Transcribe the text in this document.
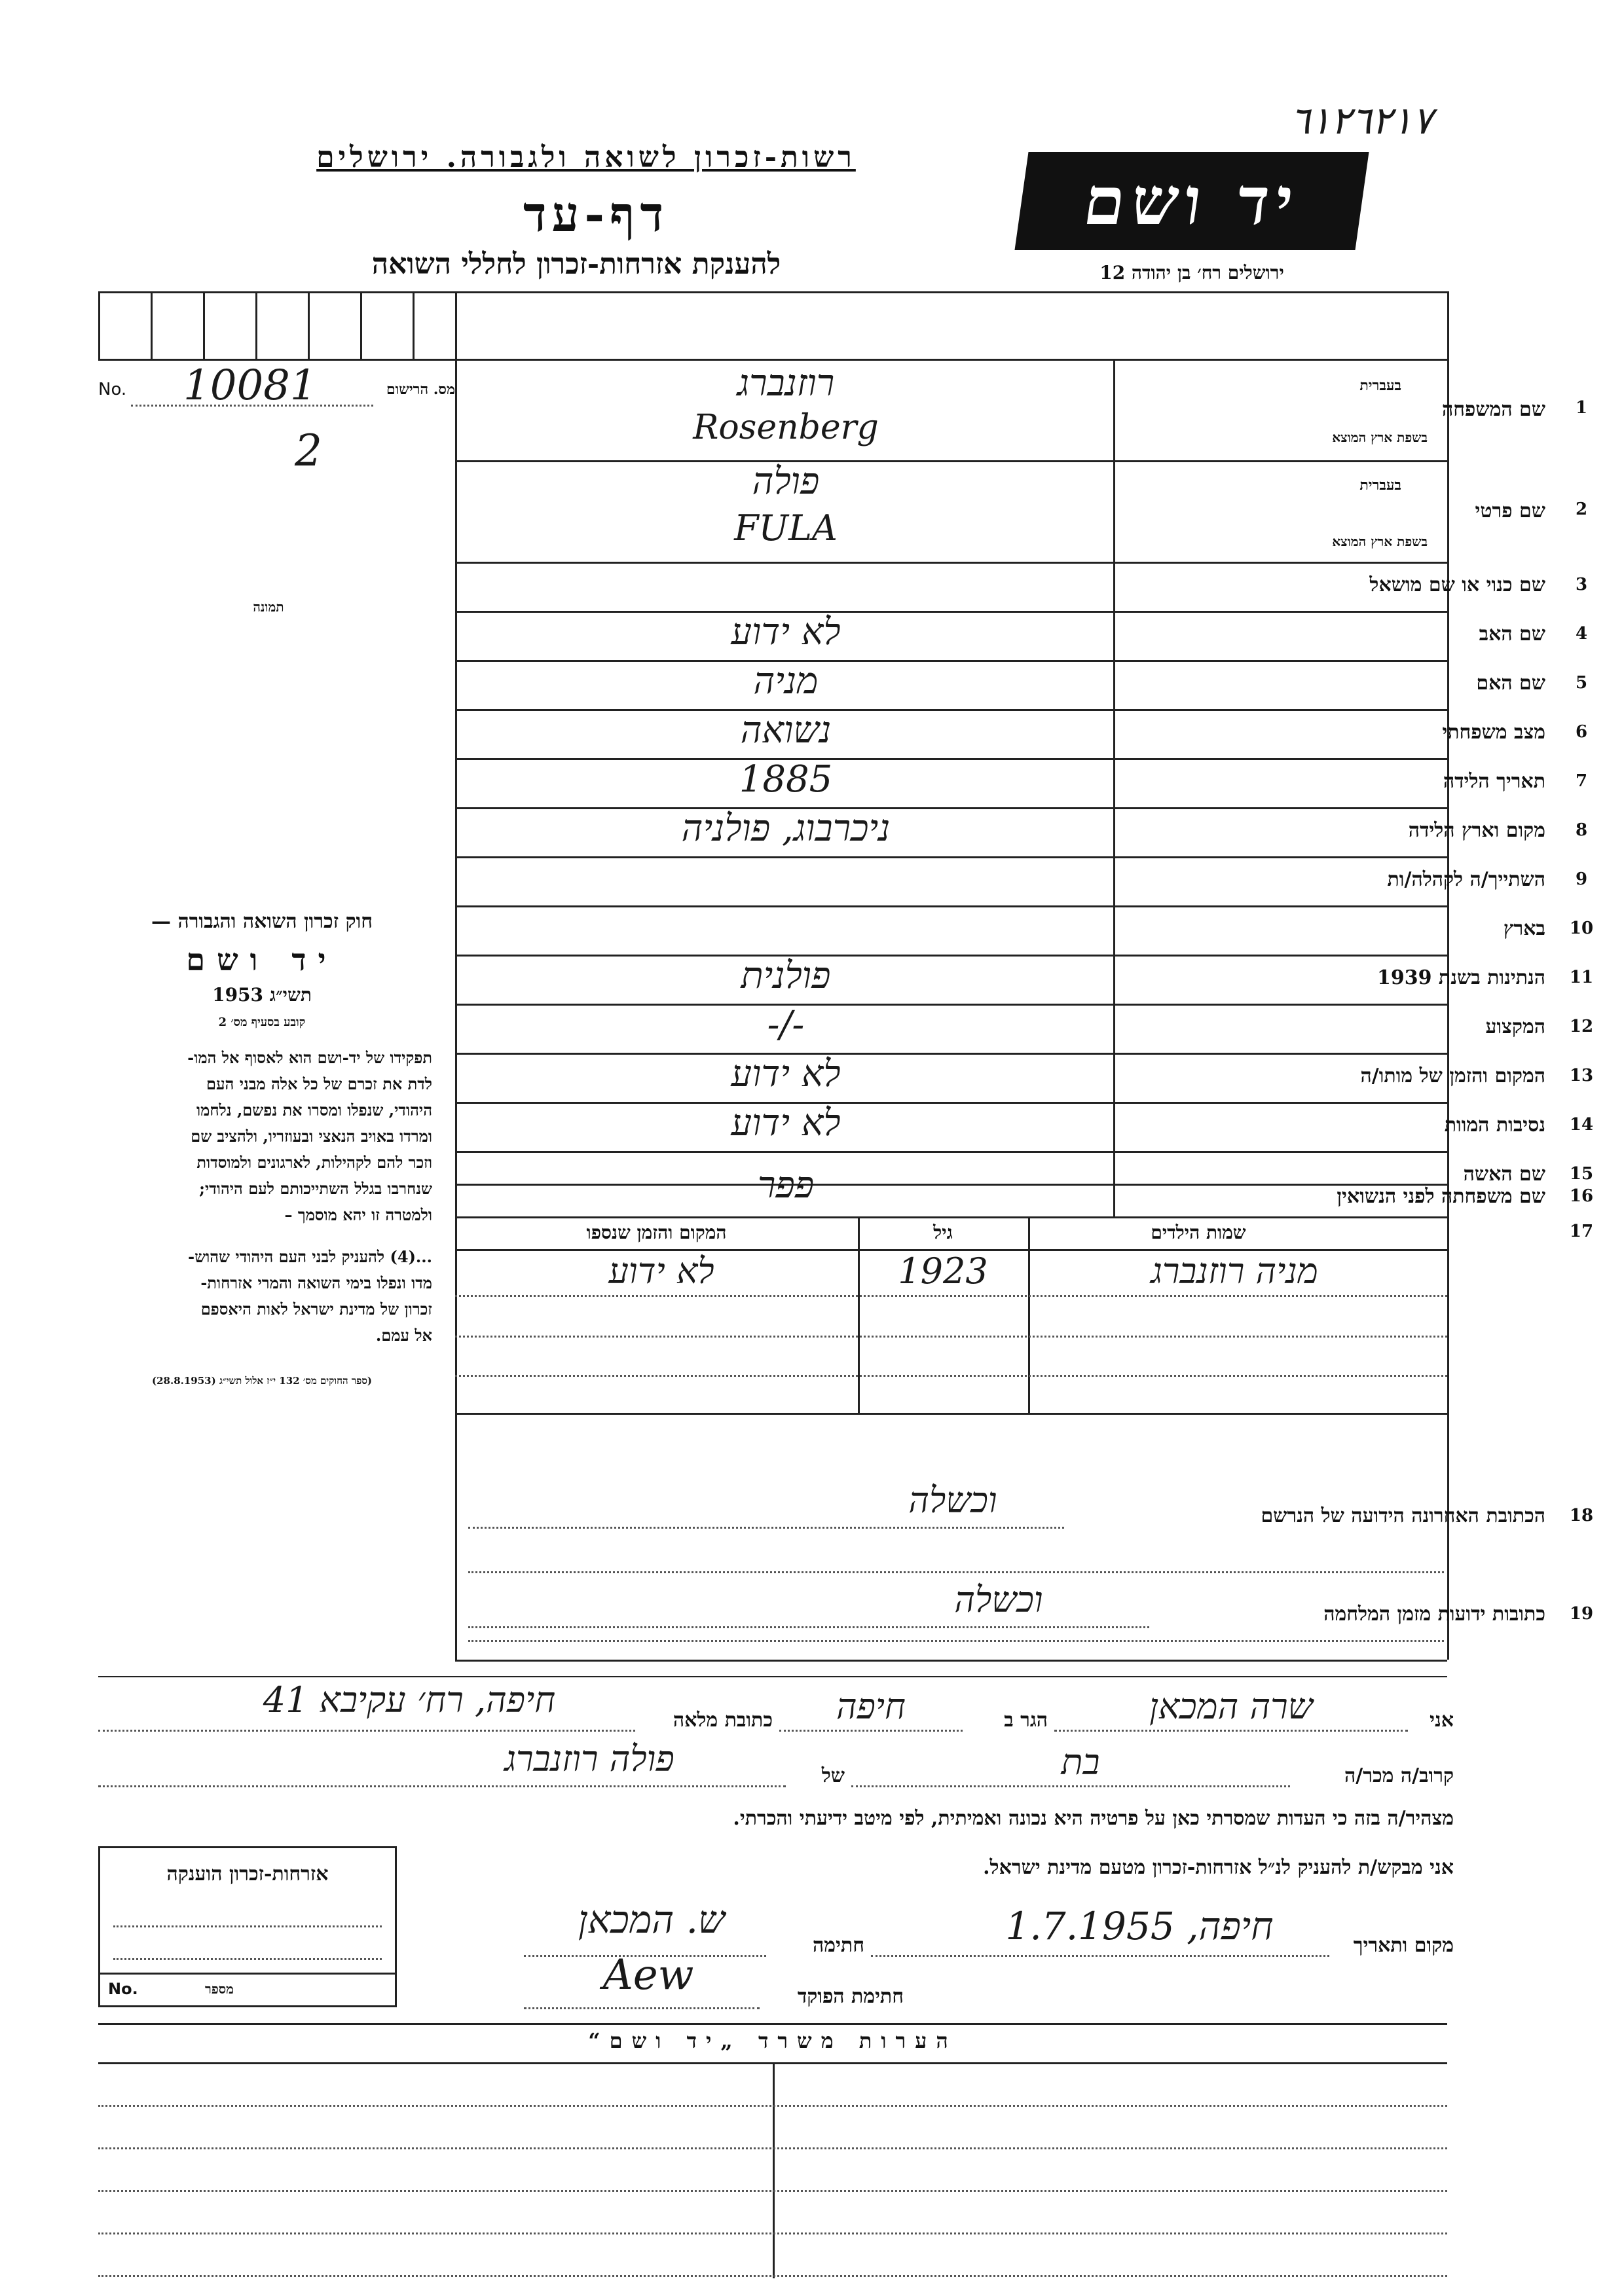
٦١٢٦٢١٧
רשות-זכרון לשואה ולגבורה. ירושלים
דף-עד
להענקת אזרחות-זכרון לחללי השואה
יד ושם
ירושלים רח׳ בן יהודה 12
No.	מס. הרישום
10081
2
תמונה
1
בעברית
שם המשפחה
בשפת ארץ המוצא
רוזנברג
Rosenberg
2
בעברית
שם פרטי
בשפת ארץ המוצא
פולה
FULA
3
שם כנוי או שם מושאל
4
שם האב
לא ידוע
5
שם האם
מניה
6
מצב משפחתי
נשואה
7
תאריך הלידה
1885
8
מקום וארץ הלידה
ניכרבוג, פולניה
9
השתייך/ה לקהלה/ות
10
בארץ
11
הנתינות בשנת 1939
פולנית
12
המקצוע
-/-
13
המקום והזמן של מותו/ה
לא ידוע
14
נסיבות המוות
לא ידוע
15
שם האשה
16
שם משפחתה לפני הנשואין
פפר
17
שמות הילדים
גיל
המקום והזמן שנספו
מניה רוזנברג
1923
לא ידוע
18
הכתובת האחרונה הידועה של הנרשם
וכשלה
19
כתובות ידועות מזמן המלחמה
וכשלה
חוק זכרון השואה והגבורה —
יד ושם
תשי״ג 1953
קובע בסעיף מס׳ 2
תפקידו של יד-ושם הוא לאסוף אל המו-
לדת את זכרם של כל אלה מבני העם
היהודי, שנפלו ומסרו את נפשם, נלחמו
ומרדו באויב הנאצי ובעוזריו, ולהציב שם
וזכר להם לקהילות, לארגונים ולמוסדות
שנחרבו בגלל השתייכותם לעם היהודי;
ולמטרה זו יהא מוסמך –
...(4) להעניק לבני העם היהודי שהוש-
מדו ונפלו בימי השואה והמרי אזרחות-
זכרון של מדינת ישראל לאות היאספם
אל עמם.
(ספר החוקים מס׳ 132 י״ז אלול תשי״ג (28.8.1953)
אני
שרה המכאן
הגר ב
חיפה
כתובת מלאה
חיפה, רח׳ עקיבא 41
קרוב/ה מכר/ה
בת
של
פולה רוזנברג
מצהיר/ה בזה כי העדות שמסרתי כאן על פרטיה היא נכונה ואמיתית, לפי מיטב ידיעתי והכרתי.
אני מבקש/ת להעניק לנ״ל אזרחות-זכרון מטעם מדינת ישראל.
מקום ותאריך
חיפה, 1.7.1955
חתימה
ש. המכאן
חתימת הפוקד
Aew
אזרחות-זכרון הוענקה
No.	מספר
הערות משרד „יד ושם“
